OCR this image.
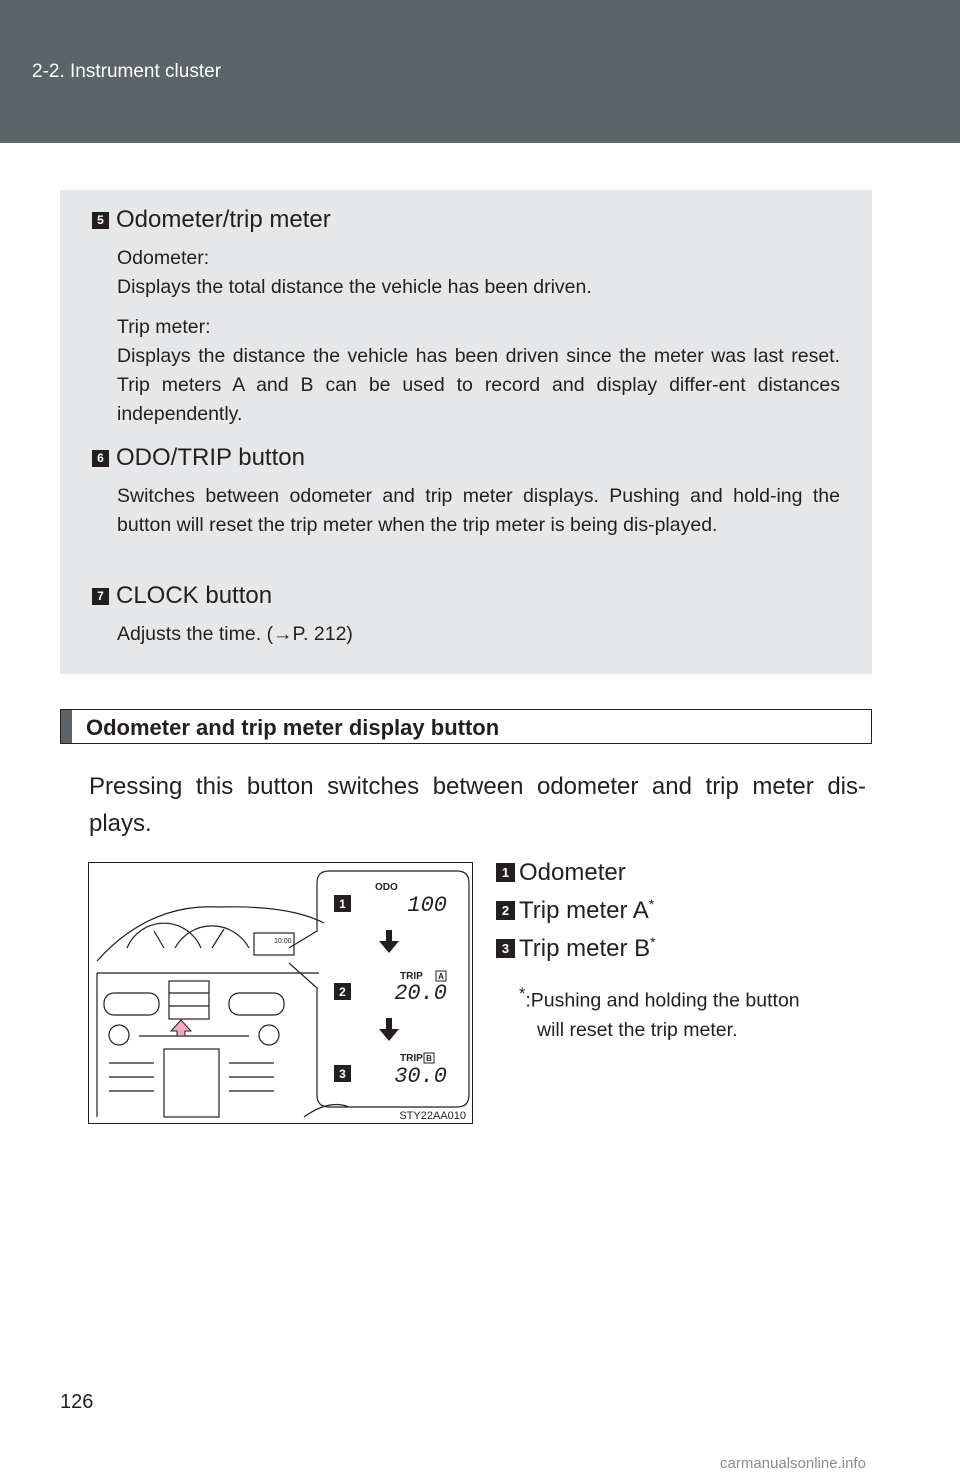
2-2. Instrument cluster
5 Odometer/trip meter
Odometer:
Displays the total distance the vehicle has been driven.
Trip meter:
Displays the distance the vehicle has been driven since the meter was last reset. Trip meters A and B can be used to record and display differ-ent distances independently.
6 ODO/TRIP button
Switches between odometer and trip meter displays. Pushing and hold-ing the button will reset the trip meter when the trip meter is being dis-played.
7 CLOCK button
Adjusts the time. (→P. 212)
Odometer and trip meter display button
Pressing this button switches between odometer and trip meter dis-plays.
10:00
1
2
3
ODO
100
TRIP A
20.0
TRIP B
30.0
STY22AA010
1 Odometer
2 Trip meter A*
3 Trip meter B*
*:Pushing and holding the button
will reset the trip meter.
126
carmanualsonline.info
